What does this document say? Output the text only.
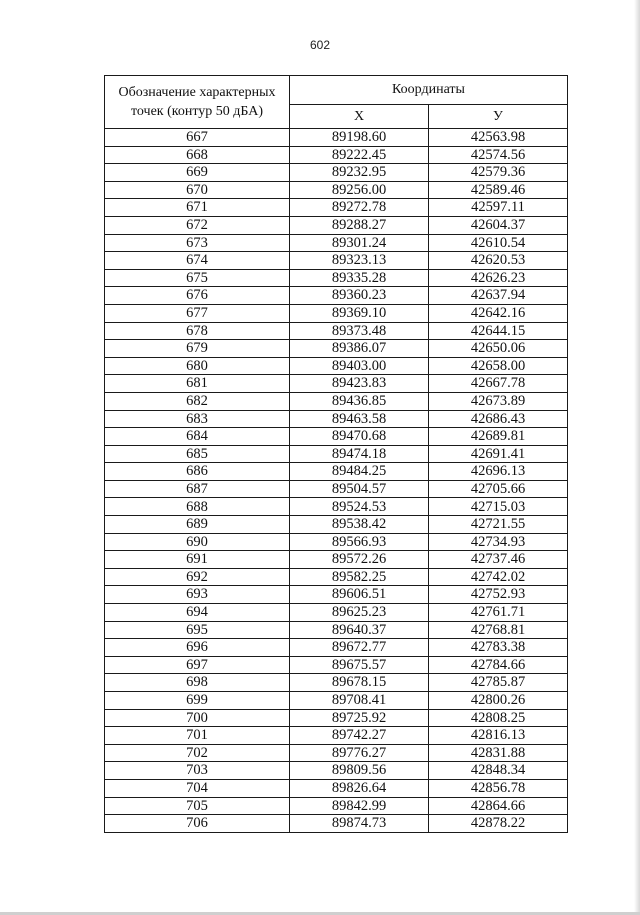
602
Обозначение характерных точек (контур 50 дБА)	Координаты	
	Х	У
667	89198.60	42563.98
668	89222.45	42574.56
669	89232.95	42579.36
670	89256.00	42589.46
671	89272.78	42597.11
672	89288.27	42604.37
673	89301.24	42610.54
674	89323.13	42620.53
675	89335.28	42626.23
676	89360.23	42637.94
677	89369.10	42642.16
678	89373.48	42644.15
679	89386.07	42650.06
680	89403.00	42658.00
681	89423.83	42667.78
682	89436.85	42673.89
683	89463.58	42686.43
684	89470.68	42689.81
685	89474.18	42691.41
686	89484.25	42696.13
687	89504.57	42705.66
688	89524.53	42715.03
689	89538.42	42721.55
690	89566.93	42734.93
691	89572.26	42737.46
692	89582.25	42742.02
693	89606.51	42752.93
694	89625.23	42761.71
695	89640.37	42768.81
696	89672.77	42783.38
697	89675.57	42784.66
698	89678.15	42785.87
699	89708.41	42800.26
700	89725.92	42808.25
701	89742.27	42816.13
702	89776.27	42831.88
703	89809.56	42848.34
704	89826.64	42856.78
705	89842.99	42864.66
706	89874.73	42878.22
